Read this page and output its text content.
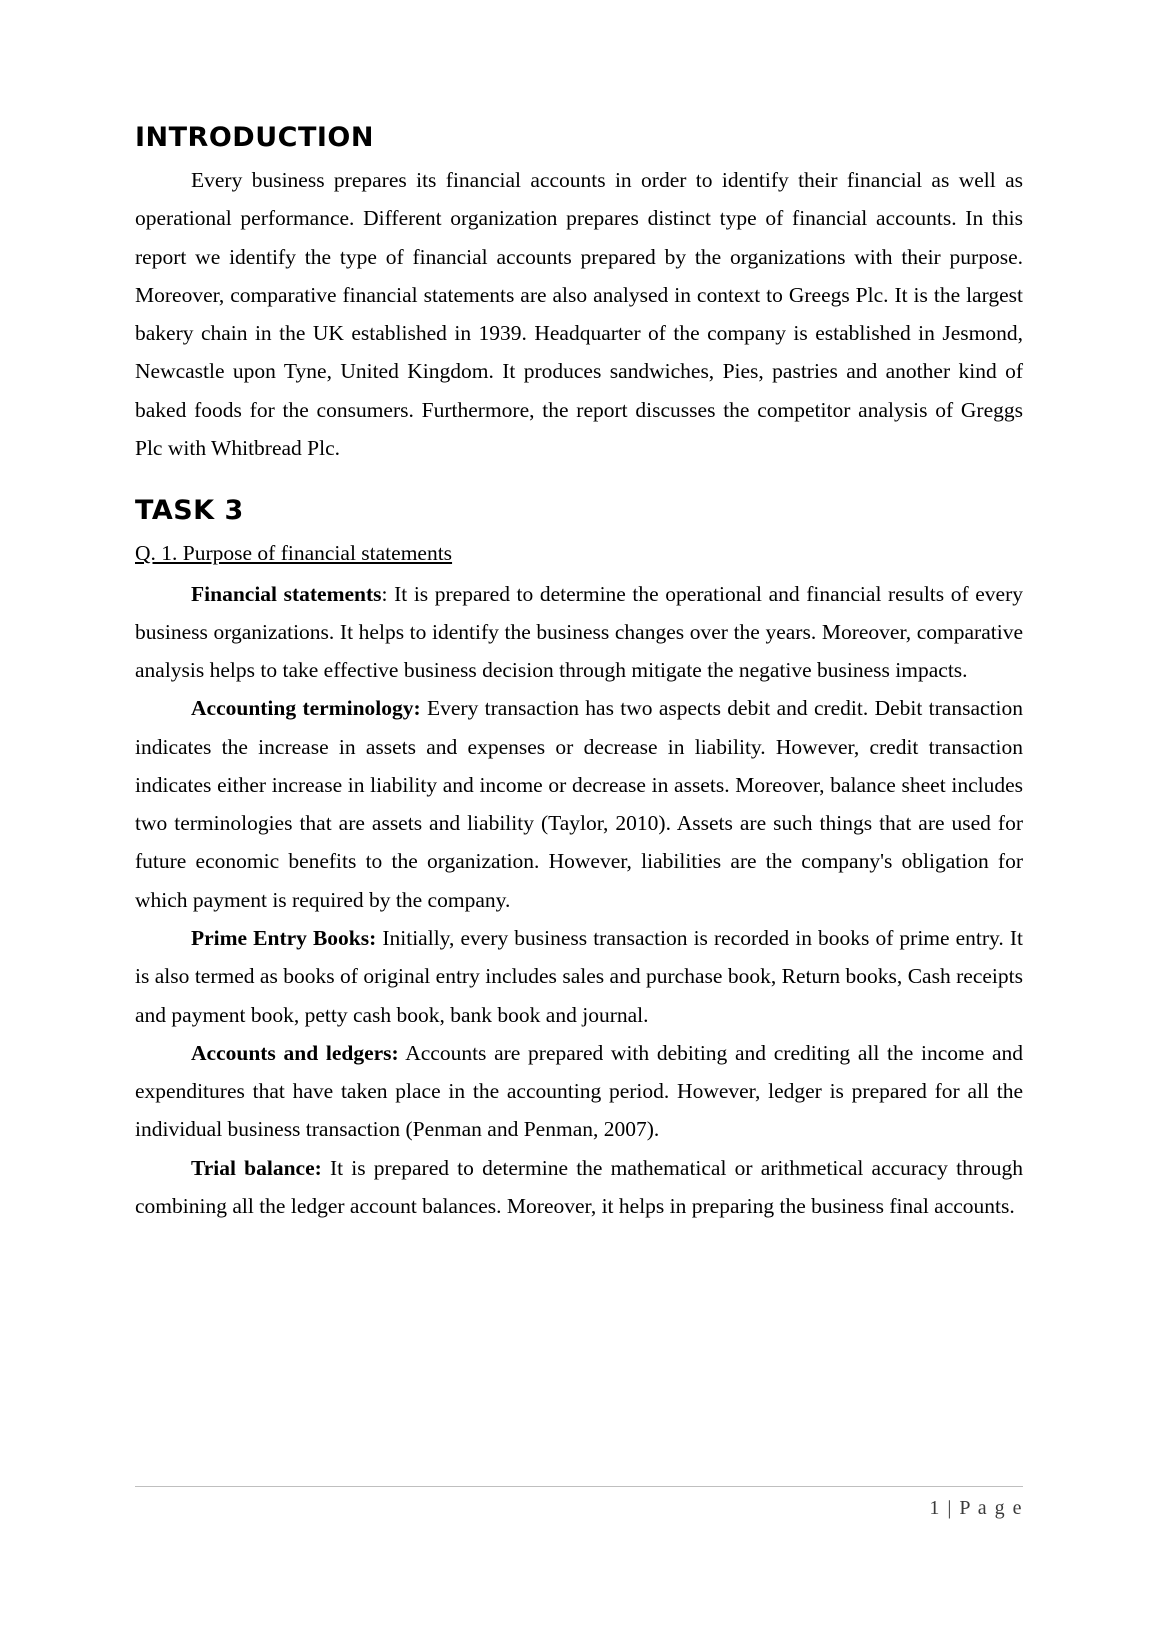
INTRODUCTION

Every business prepares its financial accounts in order to identify their financial as well as operational performance. Different organization prepares distinct type of financial accounts. In this report we identify the type of financial accounts prepared by the organizations with their purpose. Moreover, comparative financial statements are also analysed in context to Greegs Plc. It is the largest bakery chain in the UK established in 1939. Headquarter of the company is established in Jesmond, Newcastle upon Tyne, United Kingdom. It produces sandwiches, Pies, pastries and another kind of baked foods for the consumers. Furthermore, the report discusses the competitor analysis of Greggs Plc with Whitbread Plc.

TASK 3
Q. 1. Purpose of financial statements

Financial statements: It is prepared to determine the operational and financial results of every business organizations. It helps to identify the business changes over the years. Moreover, comparative analysis helps to take effective business decision through mitigate the negative business impacts.

Accounting terminology: Every transaction has two aspects debit and credit. Debit transaction indicates the increase in assets and expenses or decrease in liability. However, credit transaction indicates either increase in liability and income or decrease in assets. Moreover, balance sheet includes two terminologies that are assets and liability (Taylor, 2010). Assets are such things that are used for future economic benefits to the organization. However, liabilities are the company's obligation for which payment is required by the company.

Prime Entry Books: Initially, every business transaction is recorded in books of prime entry. It is also termed as books of original entry includes sales and purchase book, Return books, Cash receipts and payment book, petty cash book, bank book and journal.

Accounts and ledgers: Accounts are prepared with debiting and crediting all the income and expenditures that have taken place in the accounting period. However, ledger is prepared for all the individual business transaction (Penman and Penman, 2007).

Trial balance: It is prepared to determine the mathematical or arithmetical accuracy through combining all the ledger account balances. Moreover, it helps in preparing the business final accounts.

1 | P a g e
